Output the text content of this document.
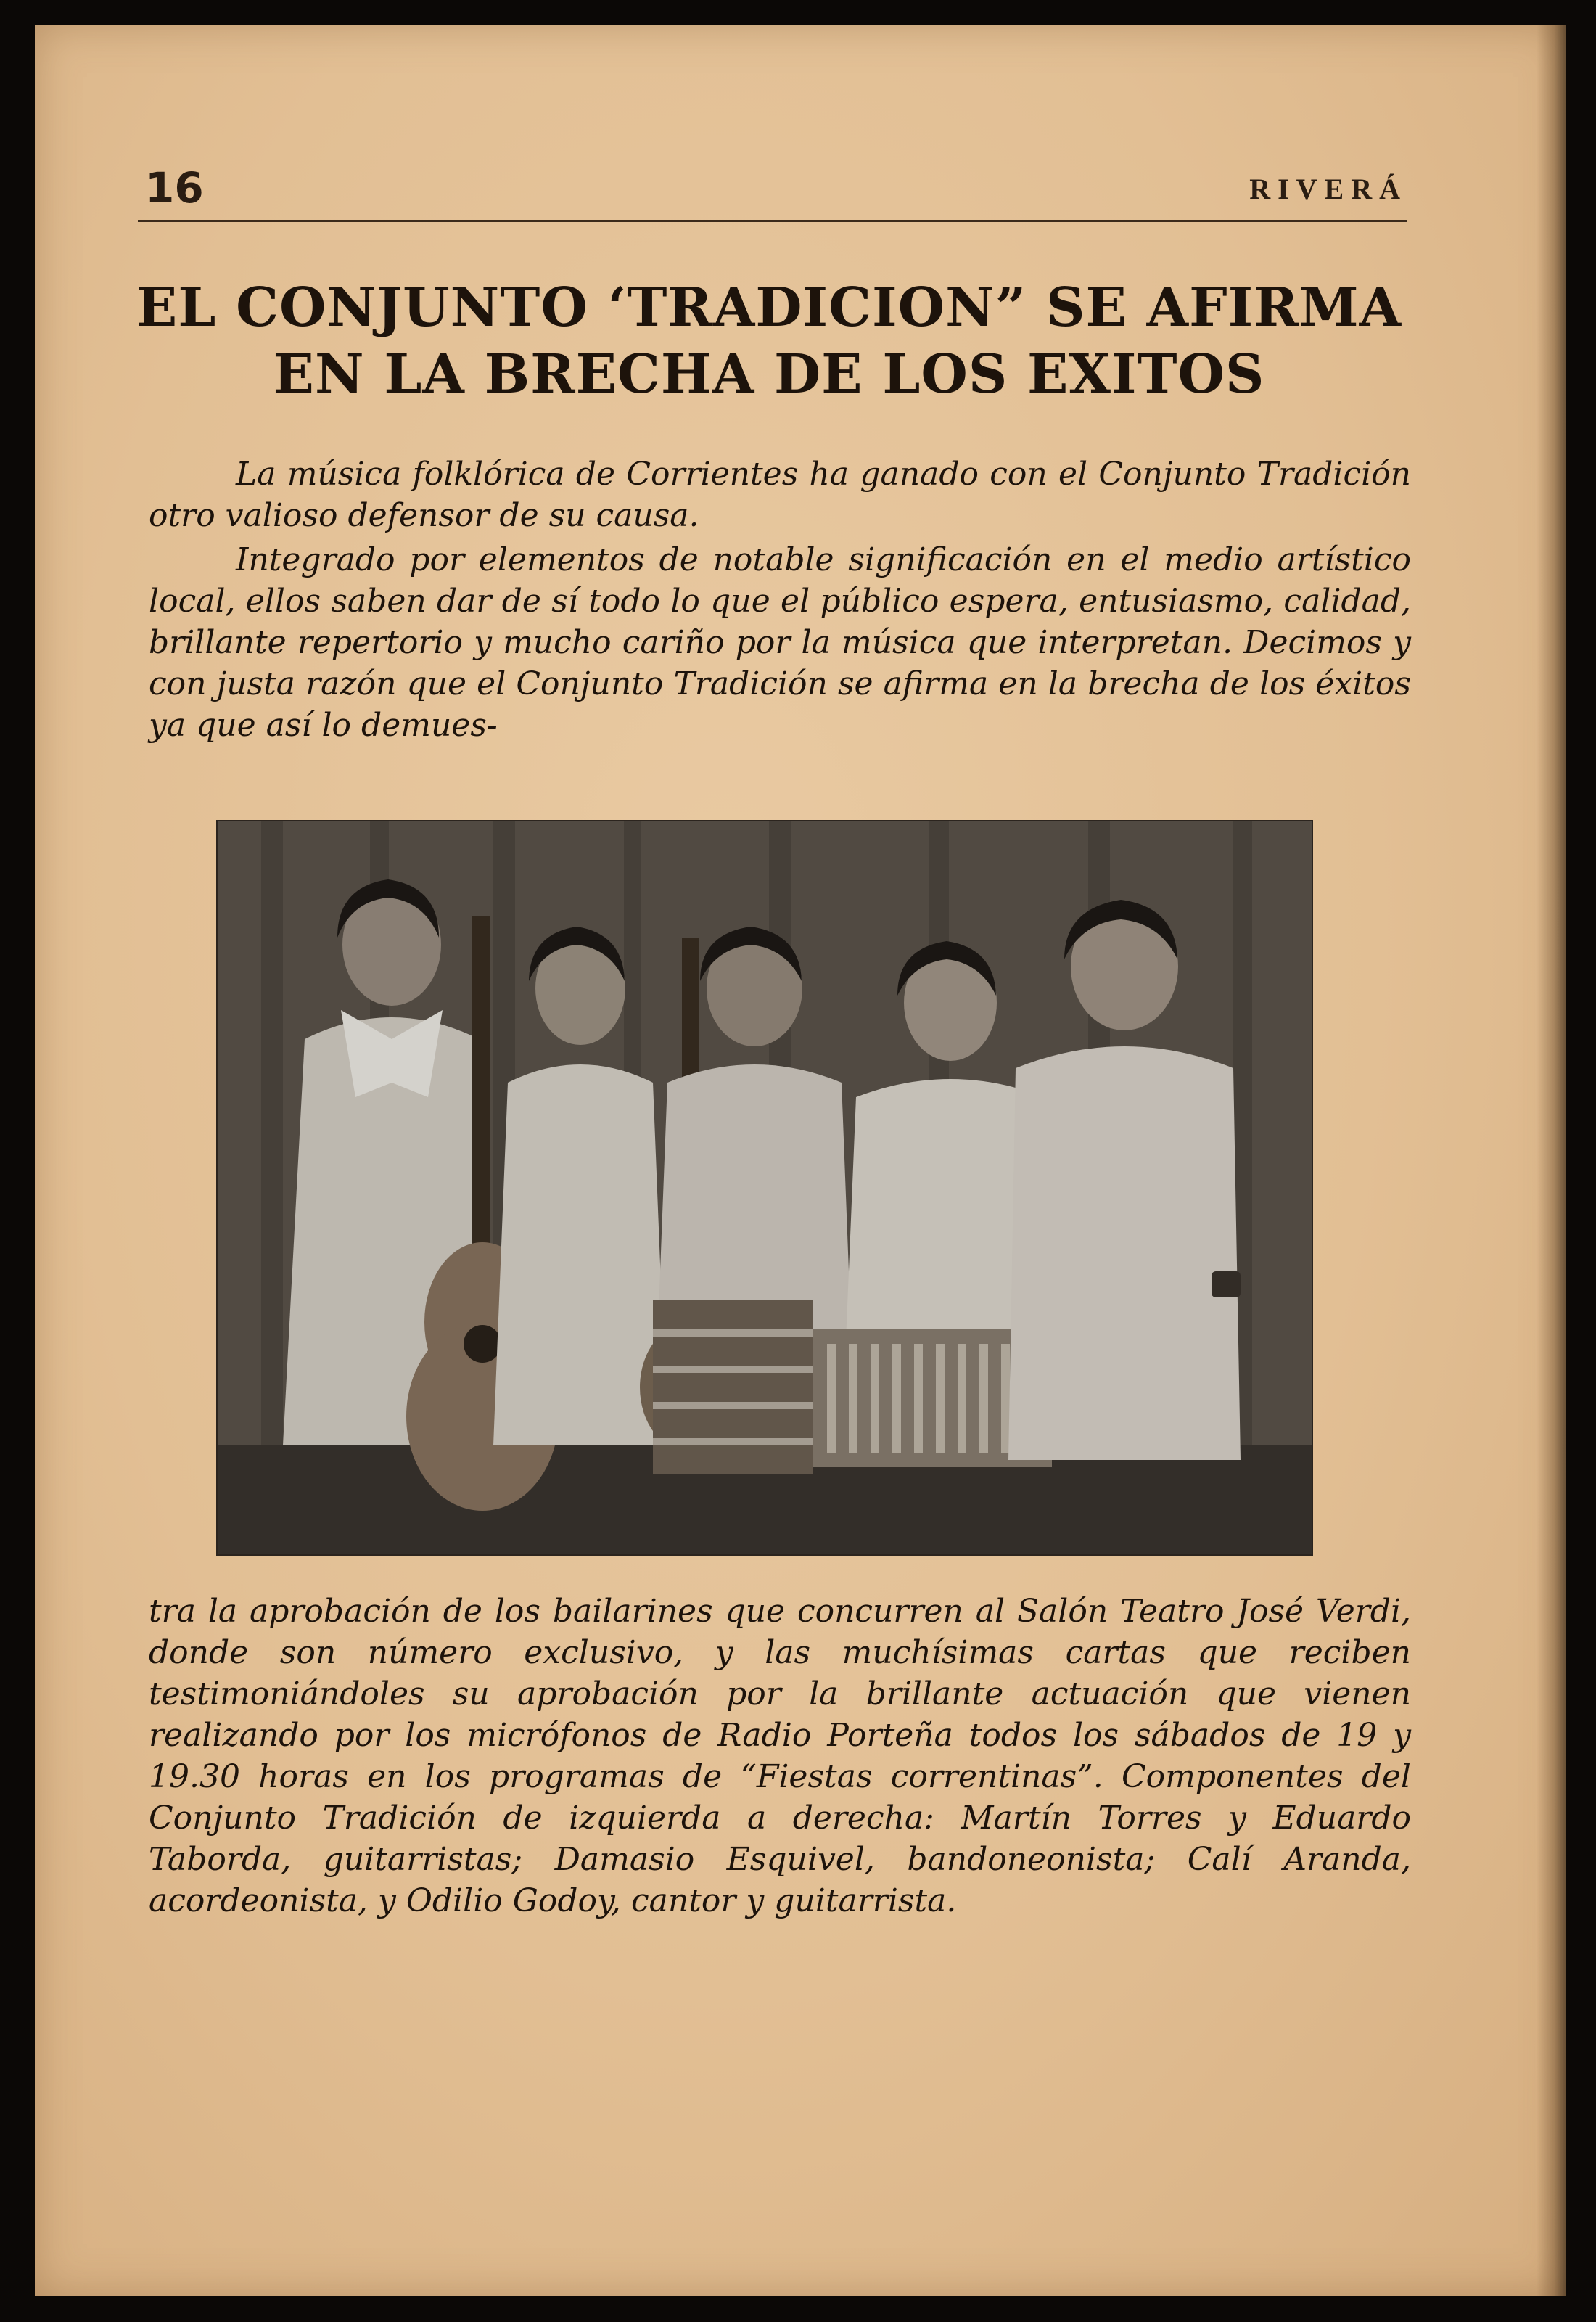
16	RIVERÁ
EL CONJUNTO ‘TRADICION” SE AFIRMA
EN LA BRECHA DE LOS EXITOS
La música folklórica de Corrientes ha ganado con el Conjunto Tradición otro valioso defensor de su causa.
Integrado por elementos de notable significación en el medio artístico local, ellos saben dar de sí todo lo que el público espera, entusiasmo, calidad, brillante repertorio y mucho cariño por la música que interpretan. Decimos y con justa razón que el Conjunto Tradición se afirma en la brecha de los éxitos ya que así lo demues-
tra la aprobación de los bailarines que concurren al Salón Teatro José Verdi, donde son número exclusivo, y las muchísimas cartas que reciben testimoniándoles su aprobación por la brillante actuación que vienen realizando por los micrófonos de Radio Porteña todos los sábados de 19 y 19.30 horas en los programas de “Fiestas correntinas”. Componentes del Conjunto Tradición de izquierda a derecha: Martín Torres y Eduardo Taborda, guitarristas; Damasio Esquivel, bandoneonista; Calí Aranda, acordeonista, y Odilio Godoy, cantor y guitarrista.
